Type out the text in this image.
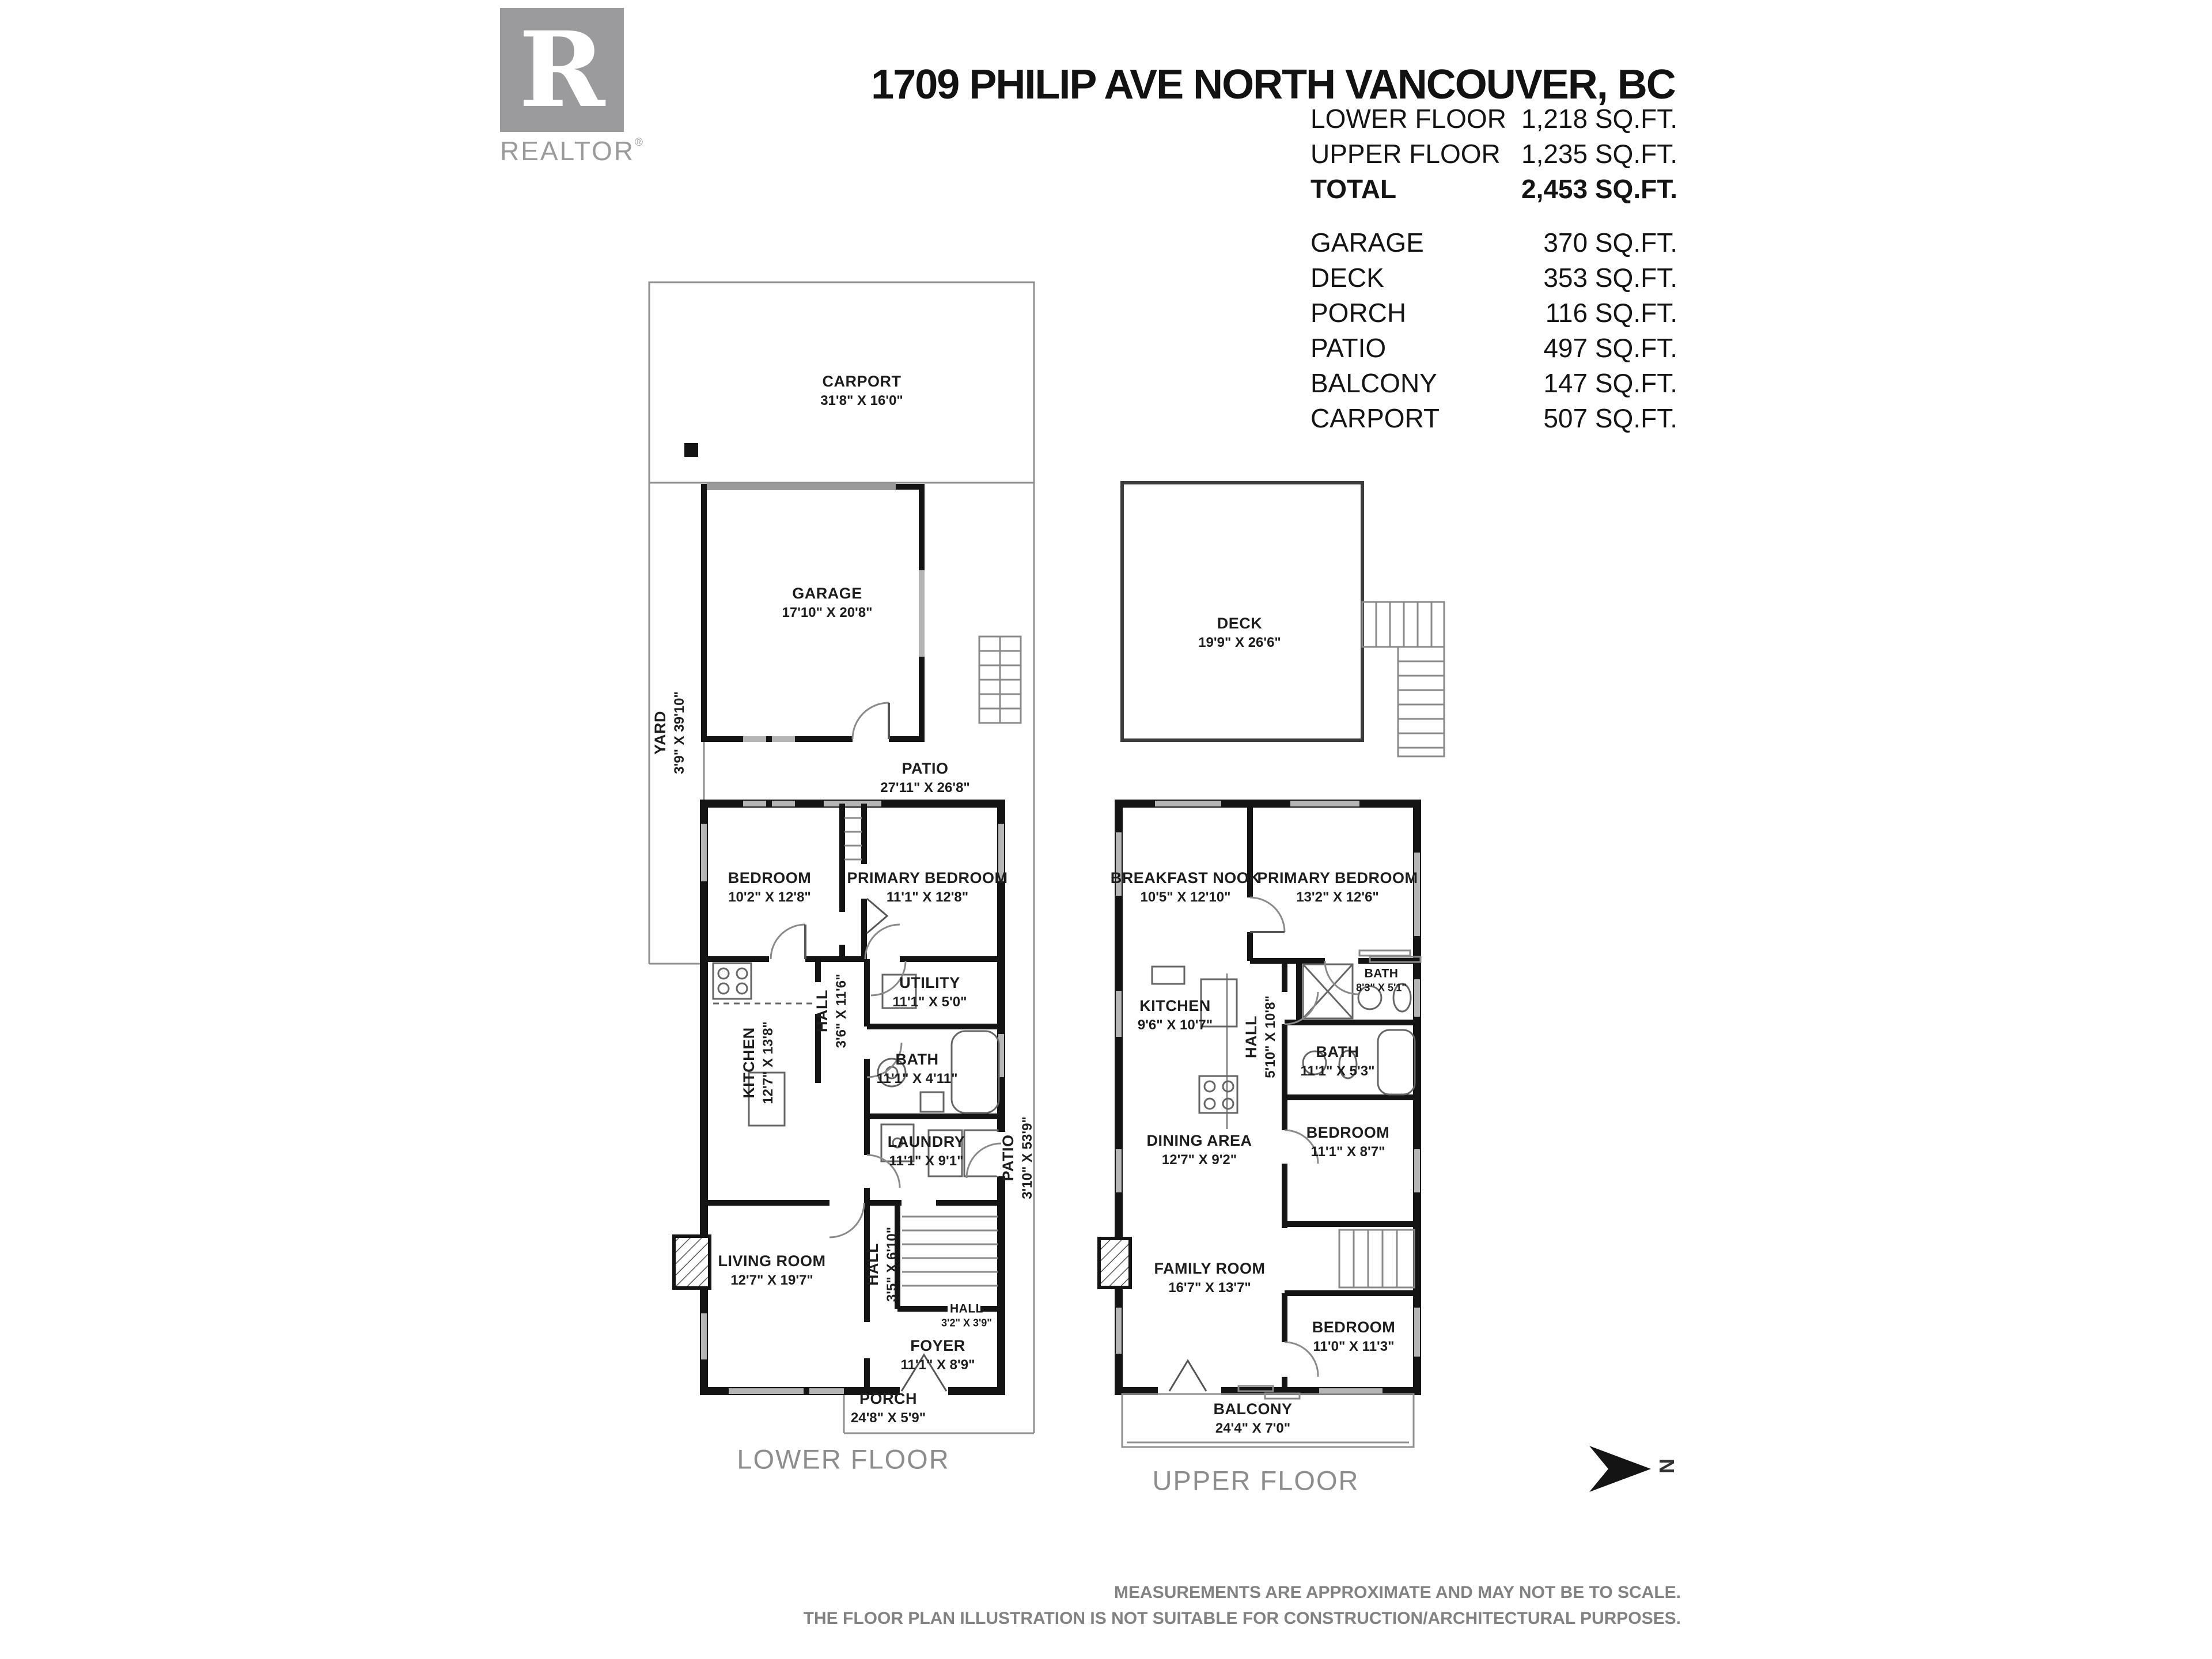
R
REALTOR ®
1709 PHILIP AVE NORTH VANCOUVER, BC
LOWER FLOOR 1,218 SQ.FT.
UPPER FLOOR 1,235 SQ.FT.
TOTAL	2,453 SQ.FT.
GARAGE	370 SQ.FT.
DECK	353 SQ.FT.
PORCH	116 SQ.FT.
PATIO	497 SQ.FT.
BALCONY	147 SQ.FT.
CARPORT	507 SQ.FT.
LOWER FLOOR
UPPER FLOOR	N
MEASUREMENTS ARE APPROXIMATE AND MAY NOT BE TO SCALE.
THE FLOOR PLAN ILLUSTRATION IS NOT SUITABLE FOR CONSTRUCTION/ARCHITECTURAL PURPOSES.
CARPORT
31'8" X 16'0"
GARAGE
17'10" X 20'8"
YARD 3'9" X 39'10"	PATIO
27'11" X 26'8"
BEDROOM
10'2" X 12'8"
PRIMARY BEDROOM
11'1" X 12'8"
HALL 3'6" X 11'6"	UTILITY
11'1" X 5'0"
BATH
11'1" X 4'11"
KITCHEN 12'7" X 13'8"
LAUNDRY
11'1" X 9'1" PATIO 3'10" X 53'9"
LIVING ROOM
12'7" X 19'7"	HALL 3'5" X 6'10"
HALL
3'2" X 3'9"
FOYER
11'1" X 8'9"
PORCH
24'8" X 5'9"
DECK
19'9" X 26'6"
BREAKFAST NOOK
10'5" X 12'10"
PRIMARY BEDROOM
13'2" X 12'6"
KITCHEN
9'6" X 10'7" HALL 5'10" X 10'8"
BATH
8'3" X 5'1"
BATH
11'1" X 5'3"
DINING AREA
12'7" X 9'2"
BEDROOM
11'1" X 8'7"
FAMILY ROOM
16'7" X 13'7"
BEDROOM
11'0" X 11'3"
BALCONY
24'4" X 7'0"
